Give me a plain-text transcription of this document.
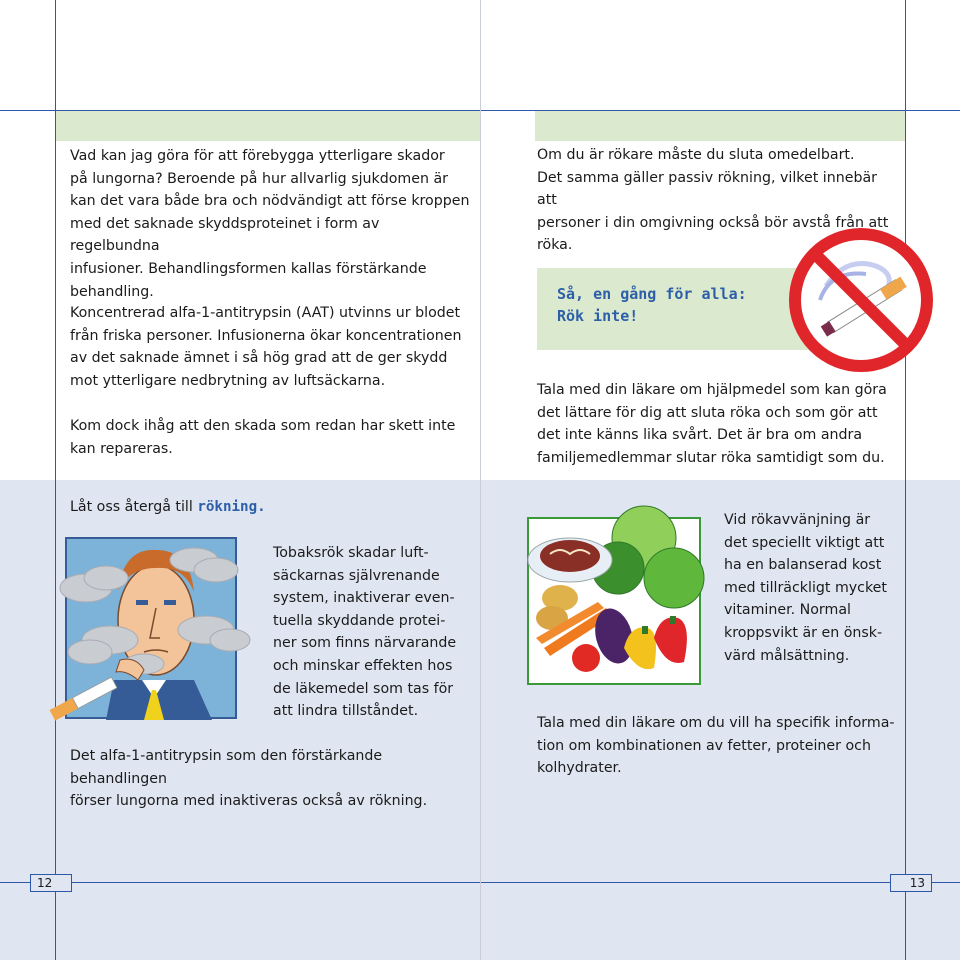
Vad kan jag göra för att förebygga ytterligare skador
på lungorna? Beroende på hur allvarlig sjukdomen är
kan det vara både bra och nödvändigt att förse kroppen
med det saknade skyddsproteinet i form av regelbundna
infusioner. Behandlingsformen kallas förstärkande
behandling.

Koncentrerad alfa-1-antitrypsin (AAT) utvinns ur blodet
från friska personer. Infusionerna ökar koncentrationen
av det saknade ämnet i så hög grad att de ger skydd
mot ytterligare nedbrytning av luftsäckarna.

Kom dock ihåg att den skada som redan har skett inte
kan repareras.

Låt oss återgå till rökning.

Tobaksrök skadar luft-
säckarnas självrenande
system, inaktiverar even-
tuella skyddande protei-
ner som finns närvarande
och minskar effekten hos
de läkemedel som tas för
att lindra tillståndet.

Det alfa-1-antitrypsin som den förstärkande behandlingen
förser lungorna med inaktiveras också av rökning.

12

Om du är rökare måste du sluta omedelbart.
Det samma gäller passiv rökning, vilket innebär att
personer i din omgivning också bör avstå från att
röka.

Så, en gång för alla:
Rök inte!

Tala med din läkare om hjälpmedel som kan göra
det lättare för dig att sluta röka och som gör att
det inte känns lika svårt. Det är bra om andra
familjemedlemmar slutar röka samtidigt som du.

Vid rökavvänjning är
det speciellt viktigt att
ha en balanserad kost
med tillräckligt mycket
vitaminer. Normal
kroppsvikt är en önsk-
värd målsättning.

Tala med din läkare om du vill ha specifik informa-
tion om kombinationen av fetter, proteiner och
kolhydrater.

13
